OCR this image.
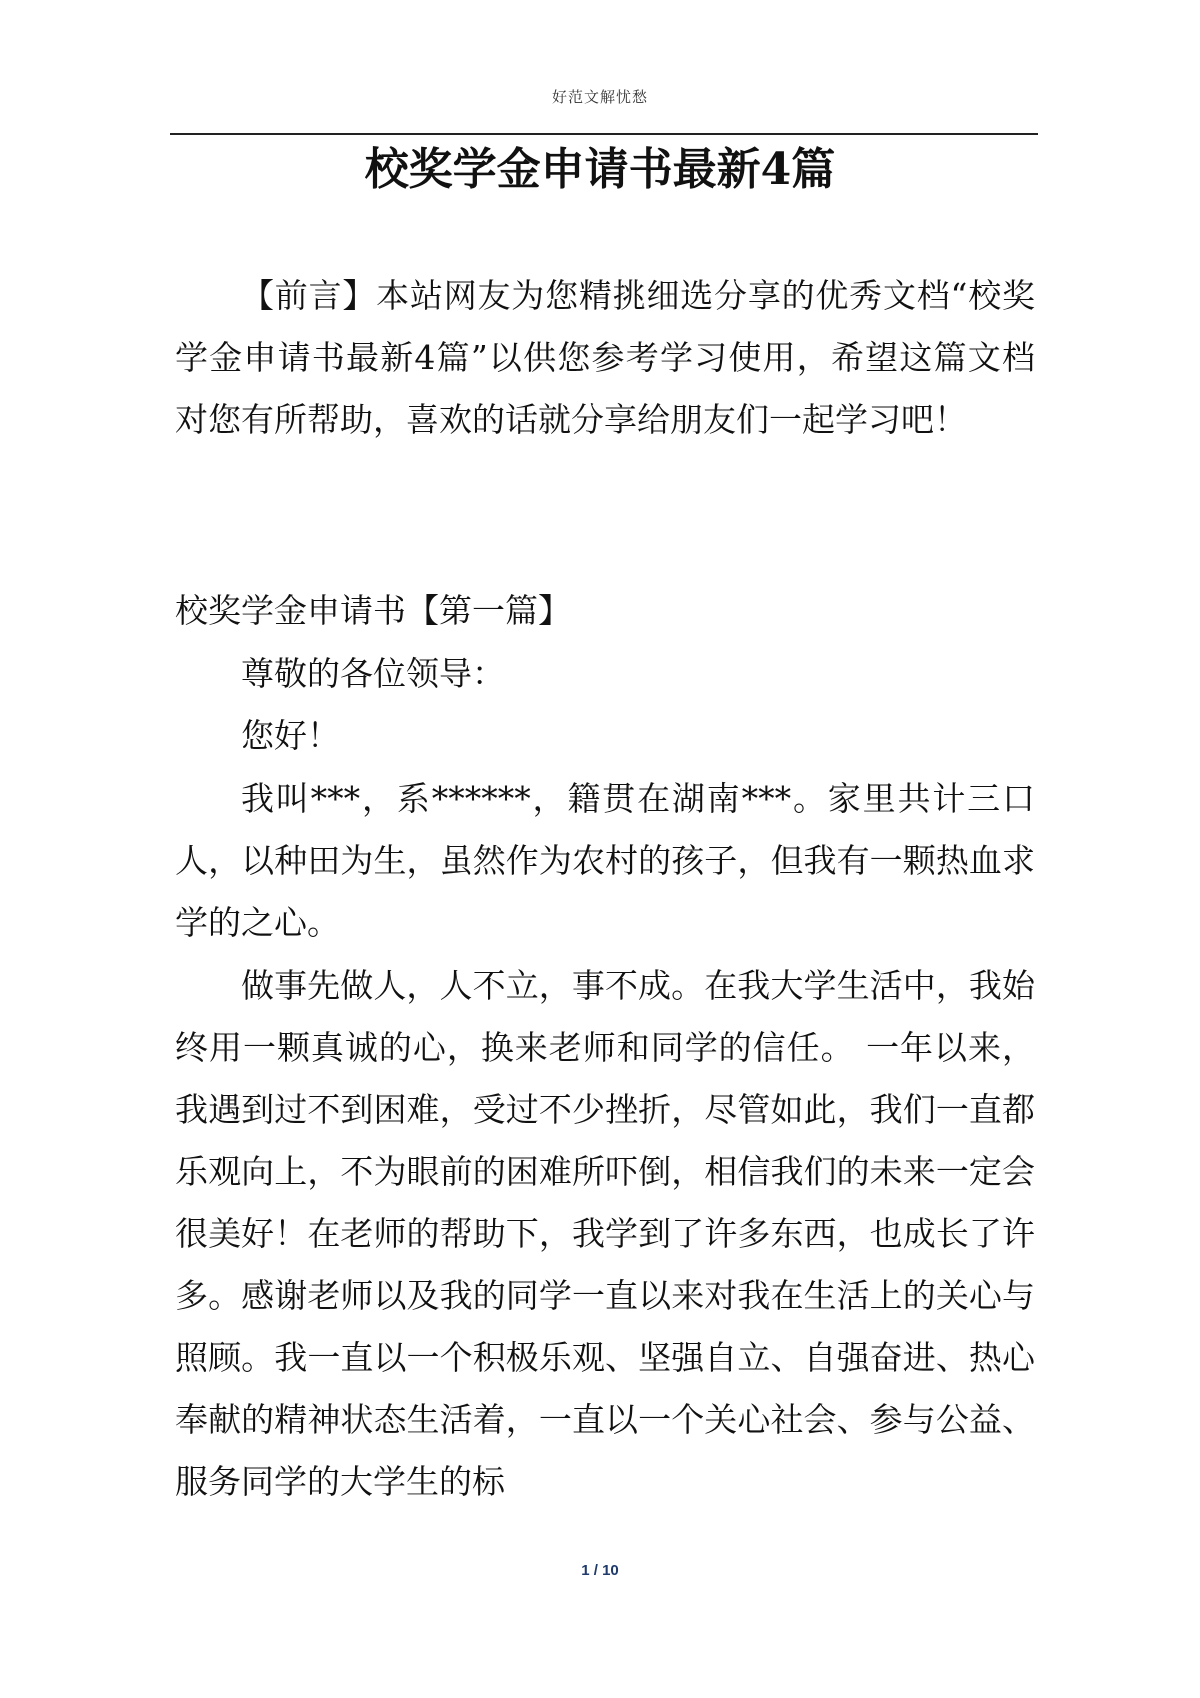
好范文解忧愁
校奖学金申请书最新4篇

【前言】本站网友为您精挑细选分享的优秀文档“校奖学金申请书最新4篇”以供您参考学习使用，希望这篇文档对您有所帮助，喜欢的话就分享给朋友们一起学习吧！

校奖学金申请书【第一篇】

尊敬的各位领导：

您好！

我叫***，系******，籍贯在湖南***。家里共计三口人，以种田为生，虽然作为农村的孩子，但我有一颗热血求学的之心。

做事先做人，人不立，事不成。在我大学生活中，我始终用一颗真诚的心，换来老师和同学的信任。 一年以来，我遇到过不到困难，受过不少挫折，尽管如此，我们一直都乐观向上，不为眼前的困难所吓倒，相信我们的未来一定会很美好！在老师的帮助下，我学到了许多东西，也成长了许多。感谢老师以及我的同学一直以来对我在生活上的关心与照顾。我一直以一个积极乐观、坚强自立、自强奋进、热心奉献的精神状态生活着，一直以一个关心社会、参与公益、服务同学的大学生的标

1 / 10
